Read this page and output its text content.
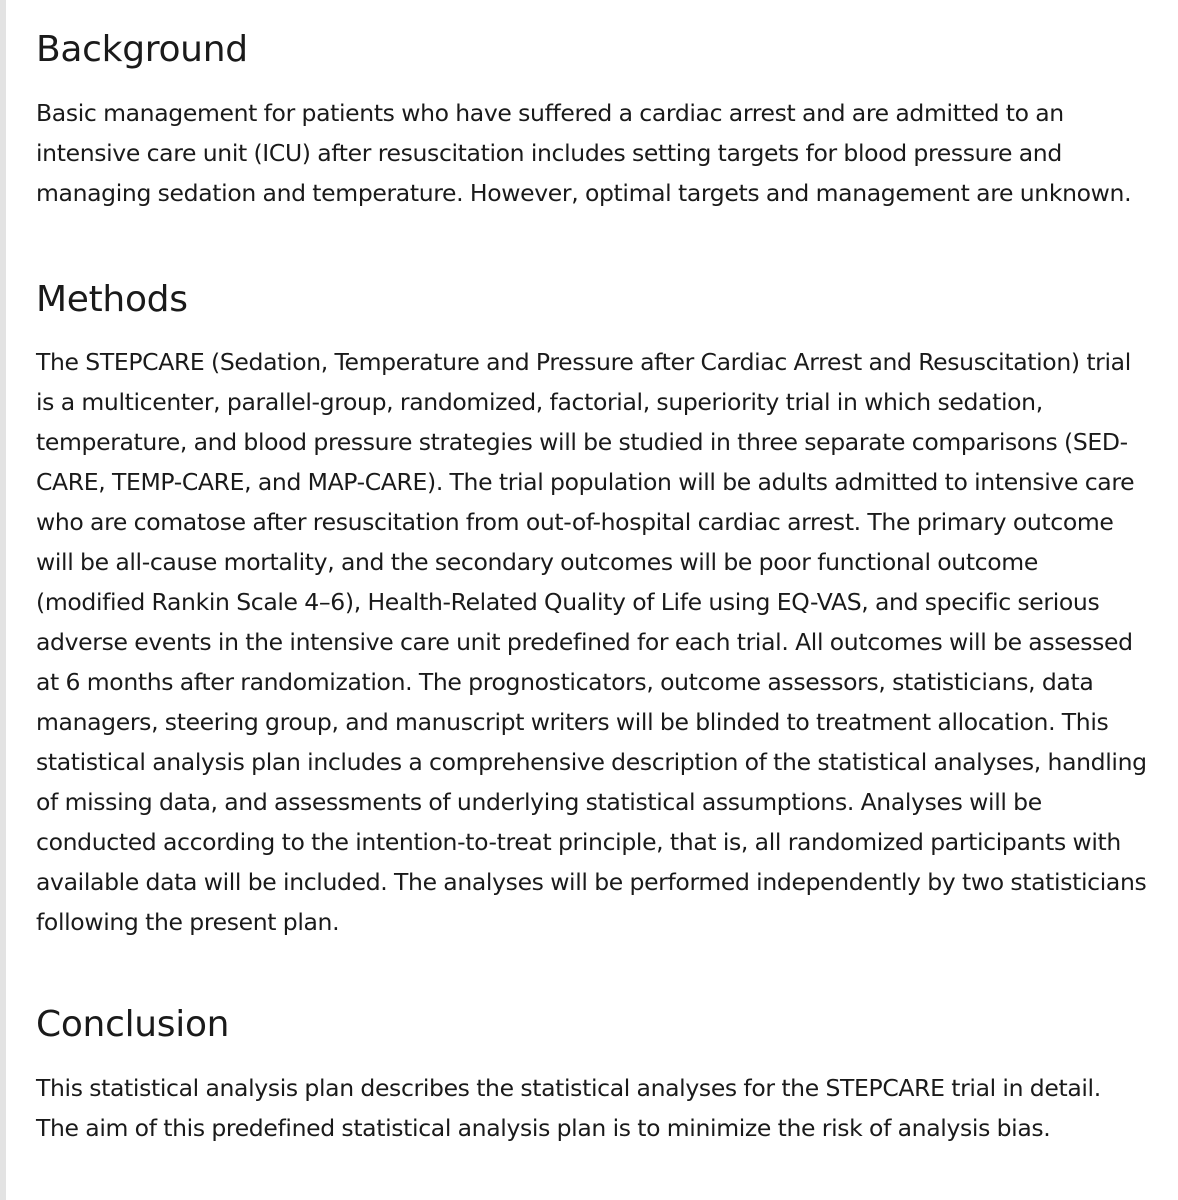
Background

Basic management for patients who have suffered a cardiac arrest and are admitted to an intensive care unit (ICU) after resuscitation includes setting targets for blood pressure and managing sedation and temperature. However, optimal targets and management are unknown.

Methods

The STEPCARE (Sedation, Temperature and Pressure after Cardiac Arrest and Resuscitation) trial is a multicenter, parallel-group, randomized, factorial, superiority trial in which sedation, temperature, and blood pressure strategies will be studied in three separate comparisons (SED-CARE, TEMP-CARE, and MAP-CARE). The trial population will be adults admitted to intensive care who are comatose after resuscitation from out-of-hospital cardiac arrest. The primary outcome will be all-cause mortality, and the secondary outcomes will be poor functional outcome (modified Rankin Scale 4–6), Health-Related Quality of Life using EQ-VAS, and specific serious adverse events in the intensive care unit predefined for each trial. All outcomes will be assessed at 6 months after randomization. The prognosticators, outcome assessors, statisticians, data managers, steering group, and manuscript writers will be blinded to treatment allocation. This statistical analysis plan includes a comprehensive description of the statistical analyses, handling of missing data, and assessments of underlying statistical assumptions. Analyses will be conducted according to the intention-to-treat principle, that is, all randomized participants with available data will be included. The analyses will be performed independently by two statisticians following the present plan.

Conclusion

This statistical analysis plan describes the statistical analyses for the STEPCARE trial in detail. The aim of this predefined statistical analysis plan is to minimize the risk of analysis bias.
